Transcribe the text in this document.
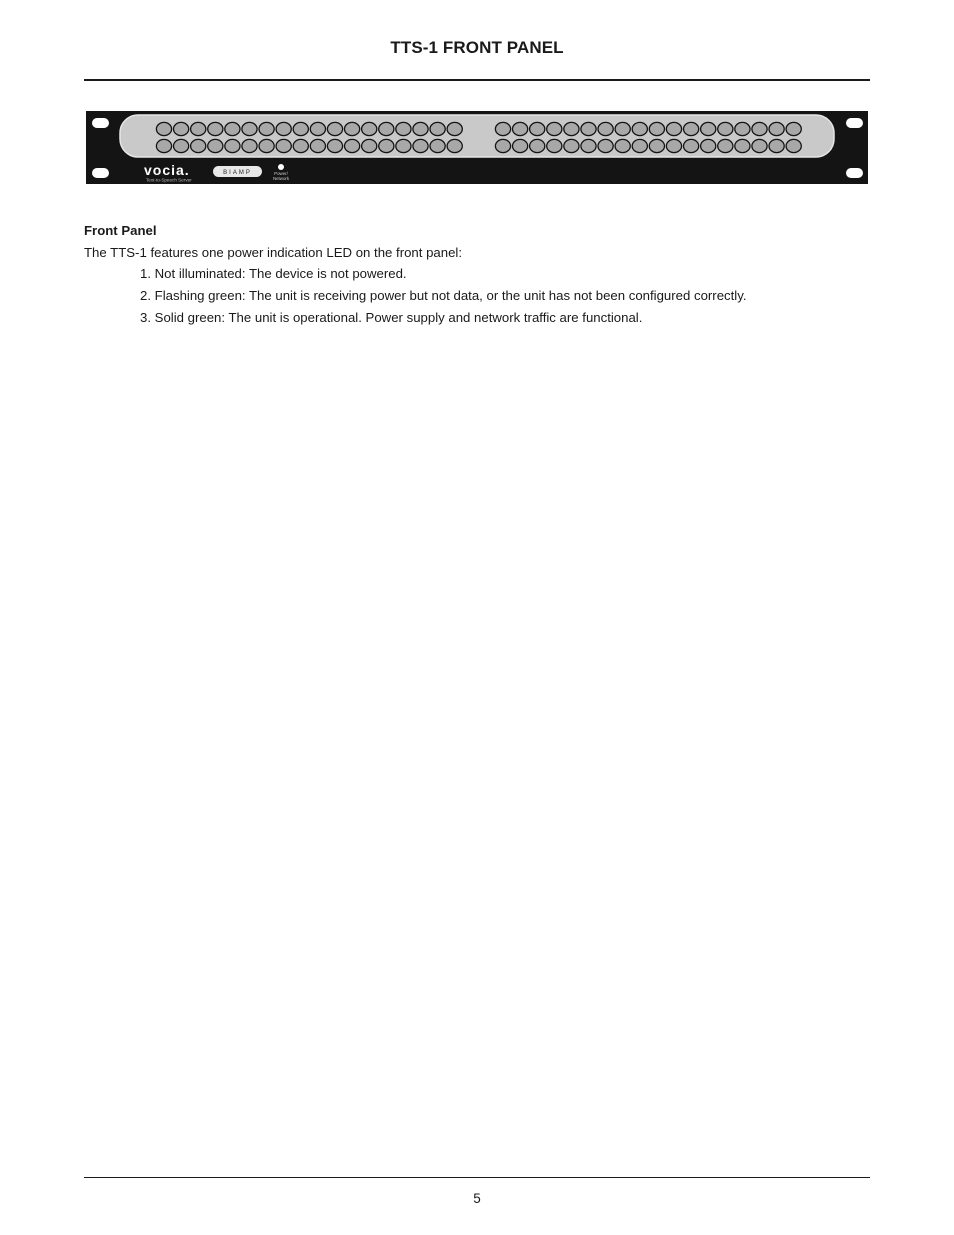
TTS-1 FRONT PANEL
vocia.
Text-to-Speech Server
BIAMP	Power/
Network
Front Panel

The TTS-1 features one power indication LED on the front panel:

1. Not illuminated: The device is not powered.
2. Flashing green: The unit is receiving power but not data, or the unit has not been configured correctly.
3. Solid green: The unit is operational. Power supply and network traffic are functional.
5
